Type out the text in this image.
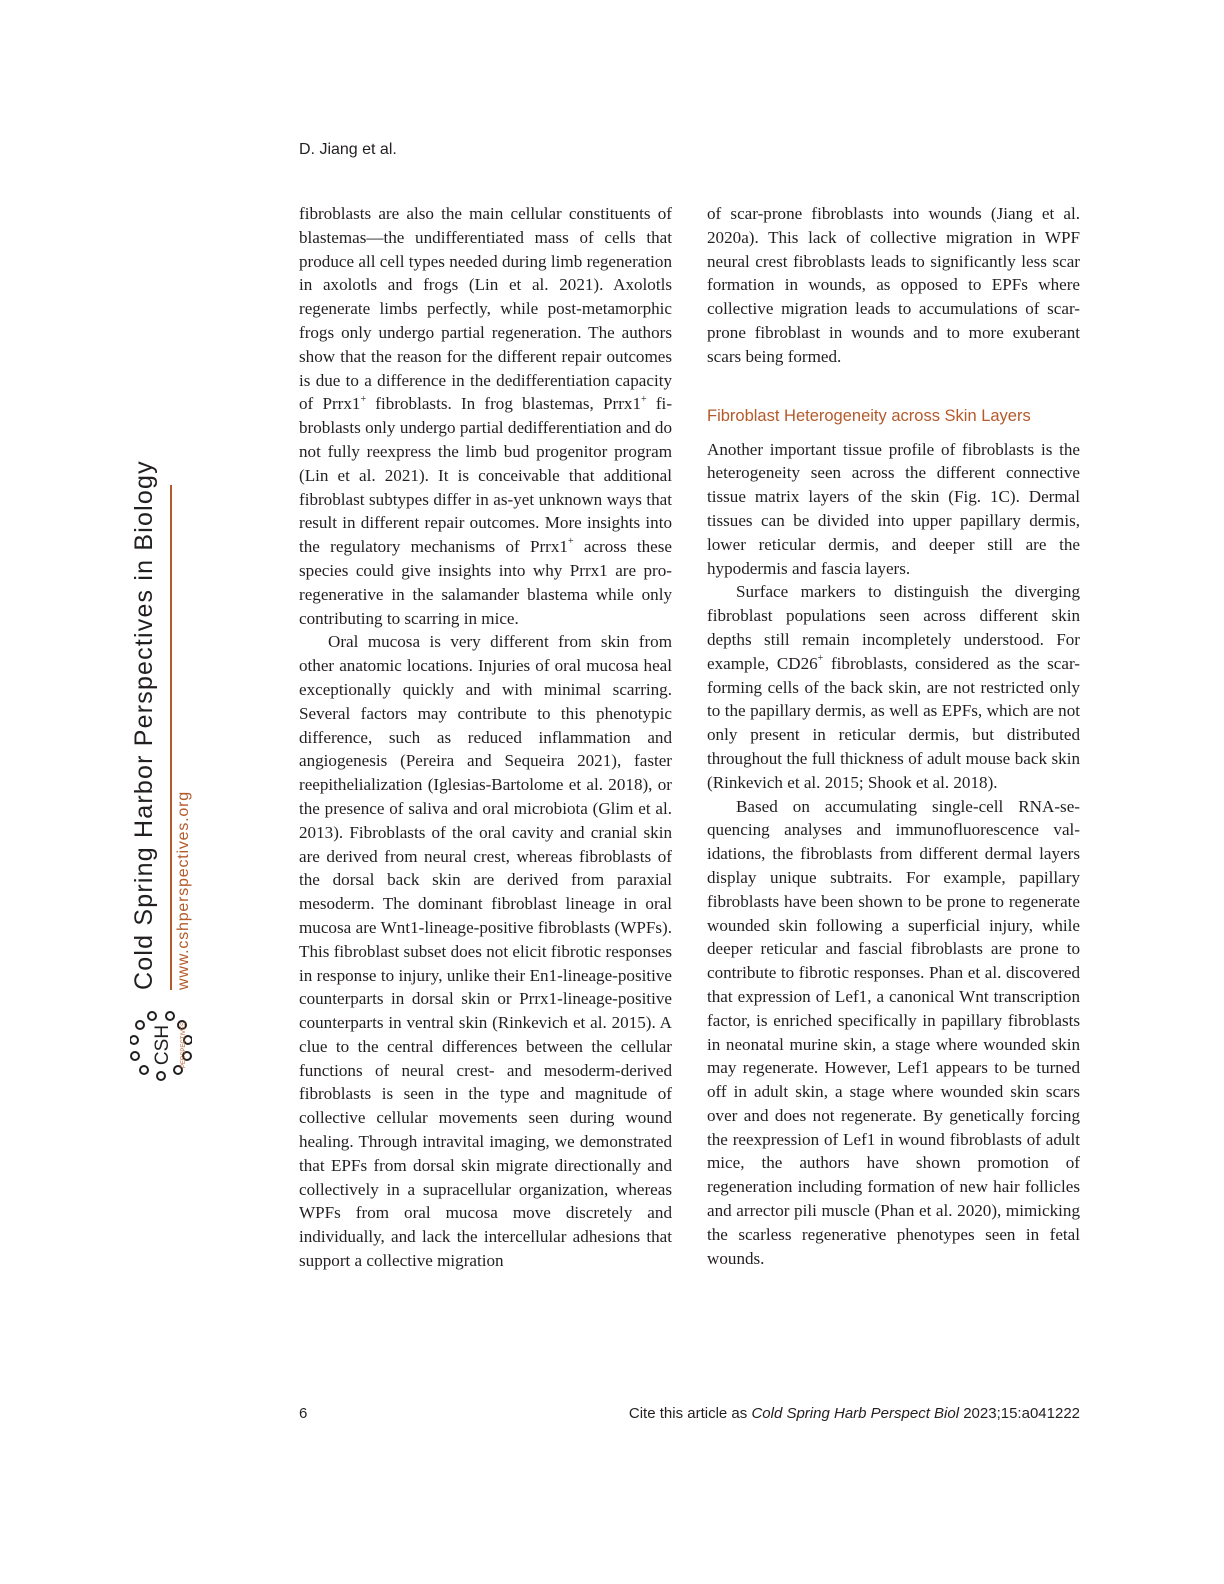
D. Jiang et al.
CSH PERSPECTIVES
Cold Spring Harbor Perspectives in Biology www.cshperspectives.org

fibroblasts are also the main cellular constituents of blastemas—the undifferentiated mass of cells that produce all cell types needed during limb regeneration in axolotls and frogs (Lin et al. 2021). Axolotls regenerate limbs perfectly, while post-metamorphic frogs only undergo partial regeneration. The authors show that the reason for the different repair outcomes is due to a difference in the dedifferentiation capacity of Prrx1+ fibroblasts. In frog blastemas, Prrx1+ fibroblasts only undergo partial dedifferentiation and do not fully reexpress the limb bud progenitor program (Lin et al. 2021). It is conceivable that additional fibroblast subtypes differ in as-yet unknown ways that result in different repair outcomes. More insights into the regulatory mechanisms of Prrx1+ across these species could give insights into why Prrx1 are pro-regenerative in the salamander blastema while only contributing to scarring in mice.

Oral mucosa is very different from skin from other anatomic locations. Injuries of oral mucosa heal exceptionally quickly and with minimal scarring. Several factors may contribute to this phenotypic difference, such as reduced inflammation and angiogenesis (Pereira and Sequeira 2021), faster reepithelialization (Iglesias-Bartolome et al. 2018), or the presence of saliva and oral microbiota (Glim et al. 2013). Fibroblasts of the oral cavity and cranial skin are derived from neural crest, whereas fibroblasts of the dorsal back skin are derived from paraxial mesoderm. The dominant fibroblast lineage in oral mucosa are Wnt1-lineage-positive fibroblasts (WPFs). This fibroblast subset does not elicit fibrotic responses in response to injury, unlike their En1-lineage-positive counterparts in dorsal skin or Prrx1-lineage-positive counterparts in ventral skin (Rinkevich et al. 2015). A clue to the central differences between the cellular functions of neural crest- and mesoderm-derived fibroblasts is seen in the type and magnitude of collective cellular movements seen during wound healing. Through intravital imaging, we demonstrated that EPFs from dorsal skin migrate directionally and collectively in a supracellular organization, whereas WPFs from oral mucosa move discretely and individually, and lack the intercellular adhesions that support a collective migration

of scar-prone fibroblasts into wounds (Jiang et al. 2020a). This lack of collective migration in WPF neural crest fibroblasts leads to significantly less scar formation in wounds, as opposed to EPFs where collective migration leads to accumulations of scar-prone fibroblast in wounds and to more exuberant scars being formed.

Fibroblast Heterogeneity across Skin Layers

Another important tissue profile of fibroblasts is the heterogeneity seen across the different connective tissue matrix layers of the skin (Fig. 1C). Dermal tissues can be divided into upper papillary dermis, lower reticular dermis, and deeper still are the hypodermis and fascia layers.

Surface markers to distinguish the diverging fibroblast populations seen across different skin depths still remain incompletely understood. For example, CD26+ fibroblasts, considered as the scar-forming cells of the back skin, are not restricted only to the papillary dermis, as well as EPFs, which are not only present in reticular dermis, but distributed throughout the full thickness of adult mouse back skin (Rinkevich et al. 2015; Shook et al. 2018).

Based on accumulating single-cell RNA-sequencing analyses and immunofluorescence validations, the fibroblasts from different dermal layers display unique subtraits. For example, papillary fibroblasts have been shown to be prone to regenerate wounded skin following a superficial injury, while deeper reticular and fascial fibroblasts are prone to contribute to fibrotic responses. Phan et al. discovered that expression of Lef1, a canonical Wnt transcription factor, is enriched specifically in papillary fibroblasts in neonatal murine skin, a stage where wounded skin may regenerate. However, Lef1 appears to be turned off in adult skin, a stage where wounded skin scars over and does not regenerate. By genetically forcing the reexpression of Lef1 in wound fibroblasts of adult mice, the authors have shown promotion of regeneration including formation of new hair follicles and arrector pili muscle (Phan et al. 2020), mimicking the scarless regenerative phenotypes seen in fetal wounds.

6	Cite this article as Cold Spring Harb Perspect Biol 2023;15:a041222
